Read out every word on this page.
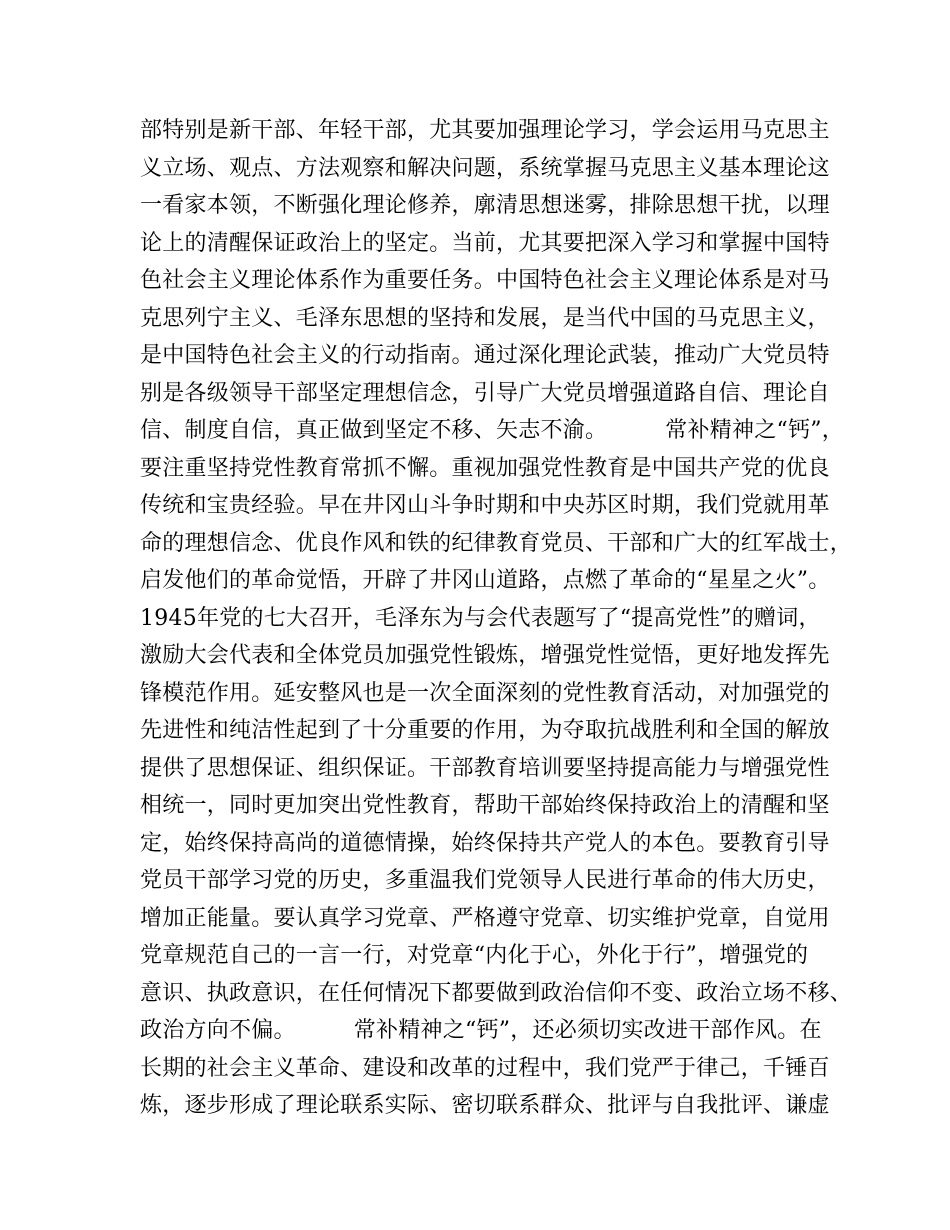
部特别是新干部、年轻干部，尤其要加强理论学习，学会运用马克思主
义立场、观点、方法观察和解决问题，系统掌握马克思主义基本理论这
一看家本领，不断强化理论修养，廓清思想迷雾，排除思想干扰，以理
论上的清醒保证政治上的坚定。当前，尤其要把深入学习和掌握中国特
色社会主义理论体系作为重要任务。中国特色社会主义理论体系是对马
克思列宁主义、毛泽东思想的坚持和发展，是当代中国的马克思主义，
是中国特色社会主义的行动指南。通过深化理论武装，推动广大党员特
别是各级领导干部坚定理想信念，引导广大党员增强道路自信、理论自
信、制度自信，真正做到坚定不移、矢志不渝。        常补精神之“钙”，
要注重坚持党性教育常抓不懈。重视加强党性教育是中国共产党的优良
传统和宝贵经验。早在井冈山斗争时期和中央苏区时期，我们党就用革
命的理想信念、优良作风和铁的纪律教育党员、干部和广大的红军战士，
启发他们的革命觉悟，开辟了井冈山道路，点燃了革命的“星星之火”。
1945年党的七大召开，毛泽东为与会代表题写了“提高党性”的赠词，
激励大会代表和全体党员加强党性锻炼，增强党性觉悟，更好地发挥先
锋模范作用。延安整风也是一次全面深刻的党性教育活动，对加强党的
先进性和纯洁性起到了十分重要的作用，为夺取抗战胜利和全国的解放
提供了思想保证、组织保证。干部教育培训要坚持提高能力与增强党性
相统一，同时更加突出党性教育，帮助干部始终保持政治上的清醒和坚
定，始终保持高尚的道德情操，始终保持共产党人的本色。要教育引导
党员干部学习党的历史，多重温我们党领导人民进行革命的伟大历史，
增加正能量。要认真学习党章、严格遵守党章、切实维护党章，自觉用
党章规范自己的一言一行，对党章“内化于心，外化于行”，增强党的
意识、执政意识，在任何情况下都要做到政治信仰不变、政治立场不移、
政治方向不偏。        常补精神之“钙”，还必须切实改进干部作风。在
长期的社会主义革命、建设和改革的过程中，我们党严于律己，千锤百
炼，逐步形成了理论联系实际、密切联系群众、批评与自我批评、谦虚
